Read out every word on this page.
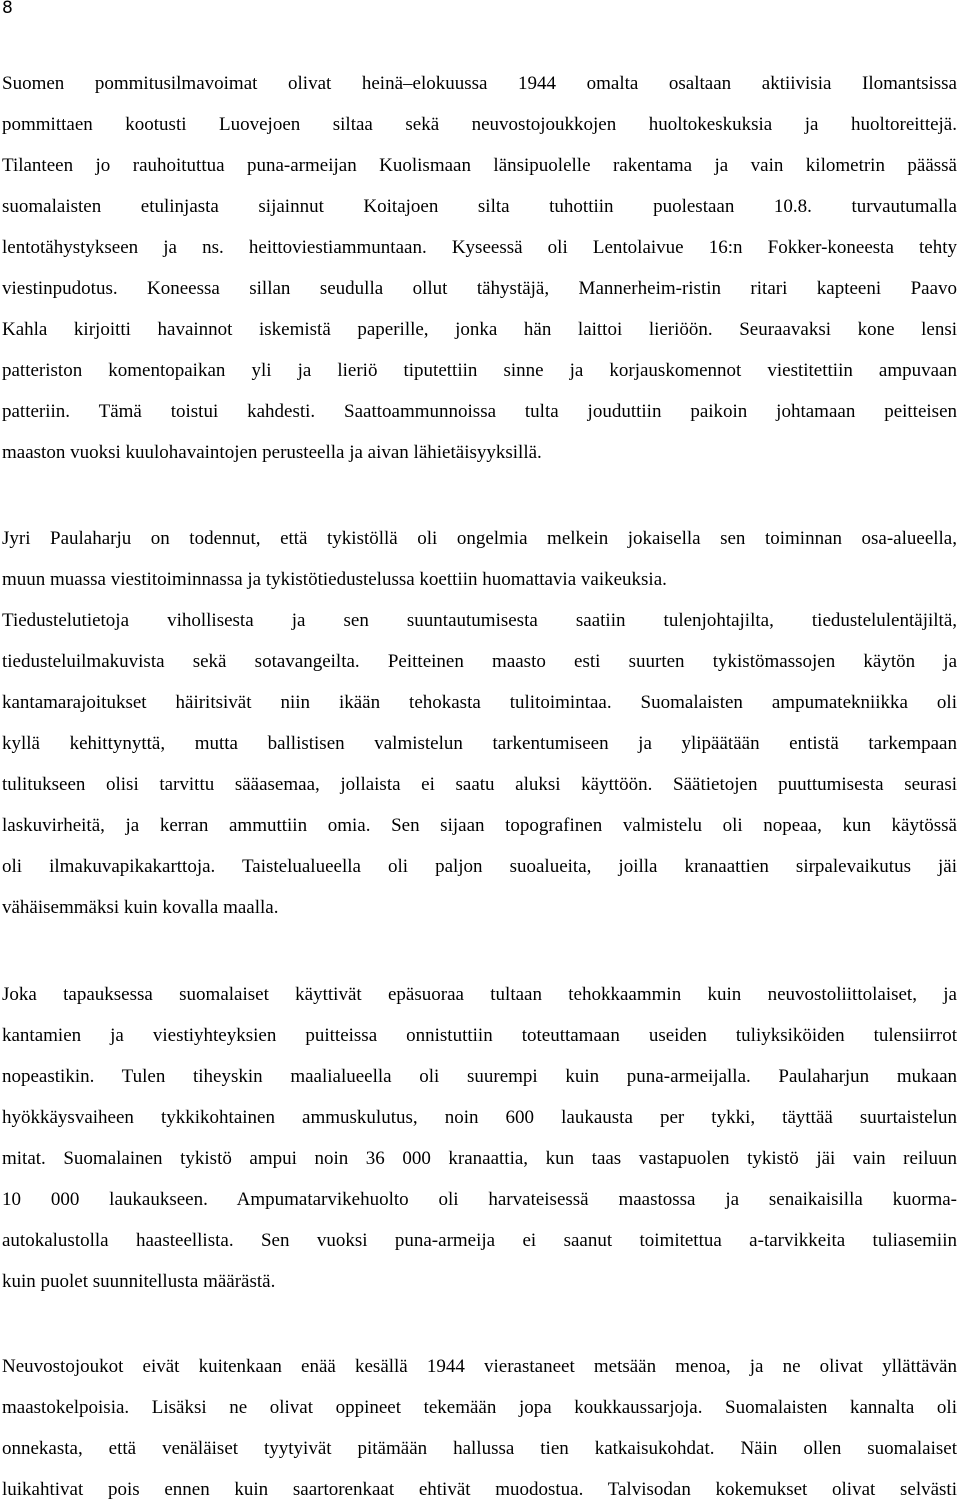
8
Suomen pommitusilmavoimat olivat heinä–elokuussa 1944 omalta osaltaan aktiivisia Ilomantsissa
pommittaen kootusti Luovejoen siltaa sekä neuvostojoukkojen huoltokeskuksia ja huoltoreittejä.
Tilanteen jo rauhoituttua puna-armeijan Kuolismaan länsipuolelle rakentama ja vain kilometrin päässä
suomalaisten etulinjasta sijainnut Koitajoen silta tuhottiin puolestaan 10.8. turvautumalla
lentotähystykseen ja ns. heittoviestiammuntaan. Kyseessä oli Lentolaivue 16:n Fokker-koneesta tehty
viestinpudotus. Koneessa sillan seudulla ollut tähystäjä, Mannerheim-ristin ritari kapteeni Paavo
Kahla kirjoitti havainnot iskemistä paperille, jonka hän laittoi lieriöön. Seuraavaksi kone lensi
patteriston komentopaikan yli ja lieriö tiputettiin sinne ja korjauskomennot viestitettiin ampuvaan
patteriin. Tämä toistui kahdesti. Saattoammunnoissa tulta jouduttiin paikoin johtamaan peitteisen
maaston vuoksi kuulohavaintojen perusteella ja aivan lähietäisyyksillä.
Jyri Paulaharju on todennut, että tykistöllä oli ongelmia melkein jokaisella sen toiminnan osa-alueella,
muun muassa viestitoiminnassa ja tykistötiedustelussa koettiin huomattavia vaikeuksia.
Tiedustelutietoja vihollisesta ja sen suuntautumisesta saatiin tulenjohtajilta, tiedustelulentäjiltä,
tiedusteluilmakuvista sekä sotavangeilta. Peitteinen maasto esti suurten tykistömassojen käytön ja
kantamarajoitukset häiritsivät niin ikään tehokasta tulitoimintaa. Suomalaisten ampumatekniikka oli
kyllä kehittynyttä, mutta ballistisen valmistelun tarkentumiseen ja ylipäätään entistä tarkempaan
tulitukseen olisi tarvittu sääasemaa, jollaista ei saatu aluksi käyttöön. Säätietojen puuttumisesta seurasi
laskuvirheitä, ja kerran ammuttiin omia. Sen sijaan topografinen valmistelu oli nopeaa, kun käytössä
oli ilmakuvapikakarttoja. Taistelualueella oli paljon suoalueita, joilla kranaattien sirpalevaikutus jäi
vähäisemmäksi kuin kovalla maalla.
Joka tapauksessa suomalaiset käyttivät epäsuoraa tultaan tehokkaammin kuin neuvostoliittolaiset, ja
kantamien ja viestiyhteyksien puitteissa onnistuttiin toteuttamaan useiden tuliyksiköiden tulensiirrot
nopeastikin. Tulen tiheyskin maalialueella oli suurempi kuin puna-armeijalla. Paulaharjun mukaan
hyökkäysvaiheen tykkikohtainen ammuskulutus, noin 600 laukausta per tykki, täyttää suurtaistelun
mitat. Suomalainen tykistö ampui noin 36 000 kranaattia, kun taas vastapuolen tykistö jäi vain reiluun
10 000 laukaukseen. Ampumatarvikehuolto oli harvateisessä maastossa ja senaikaisilla kuorma-
autokalustolla haasteellista. Sen vuoksi puna-armeija ei saanut toimitettua a-tarvikkeita tuliasemiin
kuin puolet suunnitellusta määrästä.
Neuvostojoukot eivät kuitenkaan enää kesällä 1944 vierastaneet metsään menoa, ja ne olivat yllättävän
maastokelpoisia. Lisäksi ne olivat oppineet tekemään jopa koukkaussarjoja. Suomalaisten kannalta oli
onnekasta, että venäläiset tyytyivät pitämään hallussa tien katkaisukohdat. Näin ollen suomalaiset
luikahtivat pois ennen kuin saartorenkaat ehtivät muodostua. Talvisodan kokemukset olivat selvästi
